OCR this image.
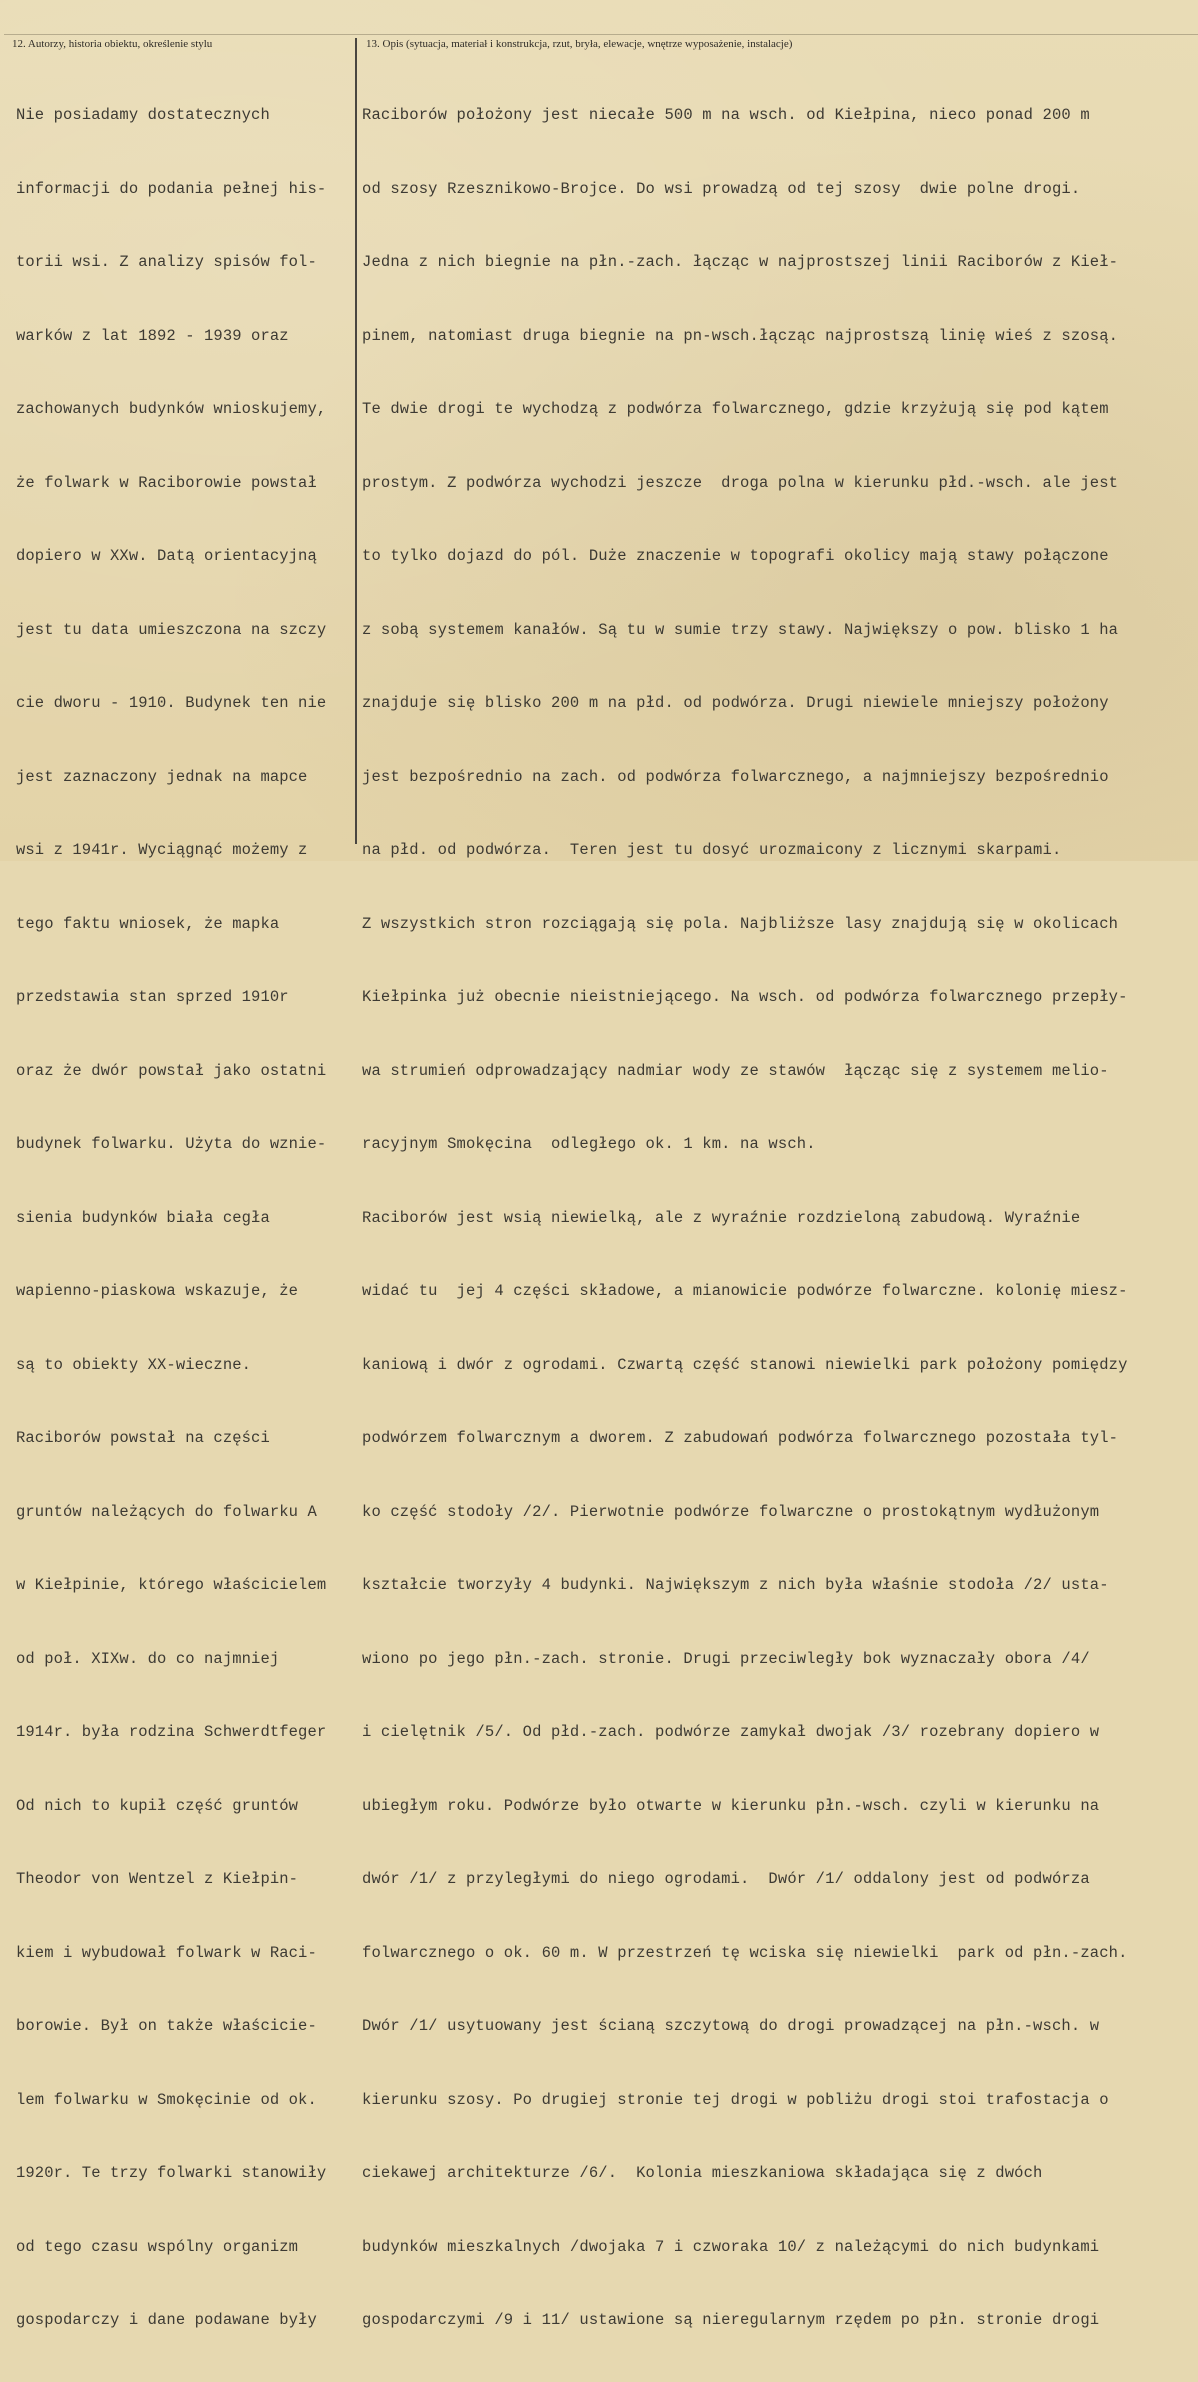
12. Autorzy, historia obiektu, określenie stylu	13. Opis (sytuacja, materiał i konstrukcja, rzut, bryła, elewacje, wnętrze wyposażenie, instalacje)

Nie posiadamy dostatecznych

informacji do podania pełnej his-

torii wsi. Z analizy spisów fol-

warków z lat 1892 - 1939 oraz

zachowanych budynków wnioskujemy,

że folwark w Raciborowie powstał

dopiero w XXw. Datą orientacyjną

jest tu data umieszczona na szczy

cie dworu - 1910. Budynek ten nie

jest zaznaczony jednak na mapce

wsi z 1941r. Wyciągnąć możemy z

tego faktu wniosek, że mapka

przedstawia stan sprzed 1910r

oraz że dwór powstał jako ostatni

budynek folwarku. Użyta do wznie-

sienia budynków biała cegła

wapienno-piaskowa wskazuje, że

są to obiekty XX-wieczne.

Raciborów powstał na części

gruntów należących do folwarku A

w Kiełpinie, którego właścicielem

od poł. XIXw. do co najmniej

1914r. była rodzina Schwerdtfeger

Od nich to kupił część gruntów

Theodor von Wentzel z Kiełpin-

kiem i wybudował folwark w Raci-

borowie. Był on także właściciе-

lem folwarku w Smokęcinie od ok.

1920r. Te trzy folwarki stanowiły

od tego czasu wspólny organizm

gospodarczy i dane podawane były

Raciborów położony jest niecałe 500 m na wsch. od Kiełpina, nieco ponad 200 m

od szosy Rzesznikowo-Brojce. Do wsi prowadzą od tej szosy  dwie polne drogi.

Jedna z nich biegnie na płn.-zach. łącząc w najprostszej linii Raciborów z Kieł-

pinem, natomiast druga biegnie na pn-wsch.łącząc najprostszą linię wieś z szosą.

Te dwie drogi te wychodzą z podwórza folwarcznego, gdzie krzyżują się pod kątem

prostym. Z podwórza wychodzi jeszcze  droga polna w kierunku płd.-wsch. ale jest

to tylko dojazd do pól. Duże znaczenie w topografi okolicy mają stawy połączone

z sobą systemem kanałów. Są tu w sumie trzy stawy. Największy o pow. blisko 1 ha

znajduje się blisko 200 m na płd. od podwórza. Drugi niewiele mniejszy położony

jest bezpośrednio na zach. od podwórza folwarcznego, a najmniejszy bezpośrednio

na płd. od podwórza.  Teren jest tu dosyć urozmaicony z licznymi skarpami.

Z wszystkich stron rozciągają się pola. Najbliższe lasy znajdują się w okolicach

Kiełpinka już obecnie nieistniejącego. Na wsch. od podwórza folwarcznego przepły-

wa strumień odprowadzający nadmiar wody ze stawów  łącząc się z systemem melio-

racyjnym Smokęcina  odległego ok. 1 km. na wsch.

Raciborów jest wsią niewielką, ale z wyraźnie rozdzieloną zabudową. Wyraźnie

widać tu  jej 4 części składowe, a mianowicie podwórze folwarczne. kolonię miesz-

kaniową i dwór z ogrodami. Czwartą część stanowi niewielki park położony pomiędzy

podwórzem folwarcznym a dworem. Z zabudowań podwórza folwarcznego pozostała tyl-

ko część stodoły /2/. Pierwotnie podwórze folwarczne o prostokątnym wydłużonym

kształcie tworzyły 4 budynki. Największym z nich była właśnie stodoła /2/ usta-

wiono po jego płn.-zach. stronie. Drugi przeciwległy bok wyznaczały obora /4/

i cielętnik /5/. Od płd.-zach. podwórze zamykał dwojak /3/ rozebrany dopiero w

ubiegłym roku. Podwórze było otwarte w kierunku płn.-wsch. czyli w kierunku na

dwór /1/ z przyległymi do niego ogrodami.  Dwór /1/ oddalony jest od podwórza

folwarcznego o ok. 60 m. W przestrzeń tę wciska się niewielki  park od płn.-zach.

Dwór /1/ usytuowany jest ścianą szczytową do drogi prowadzącej na płn.-wsch. w

kierunku szosy. Po drugiej stronie tej drogi w pobliżu drogi stoi trafostacja o

ciekawej architekturze /6/.  Kolonia mieszkaniowa składająca się z dwóch

budynków mieszkalnych /dwojaka 7 i czworaka 10/ z należącymi do nich budynkami

gospodarczymi /9 i 11/ ustawione są nieregularnym rzędem po płn. stronie drogi
